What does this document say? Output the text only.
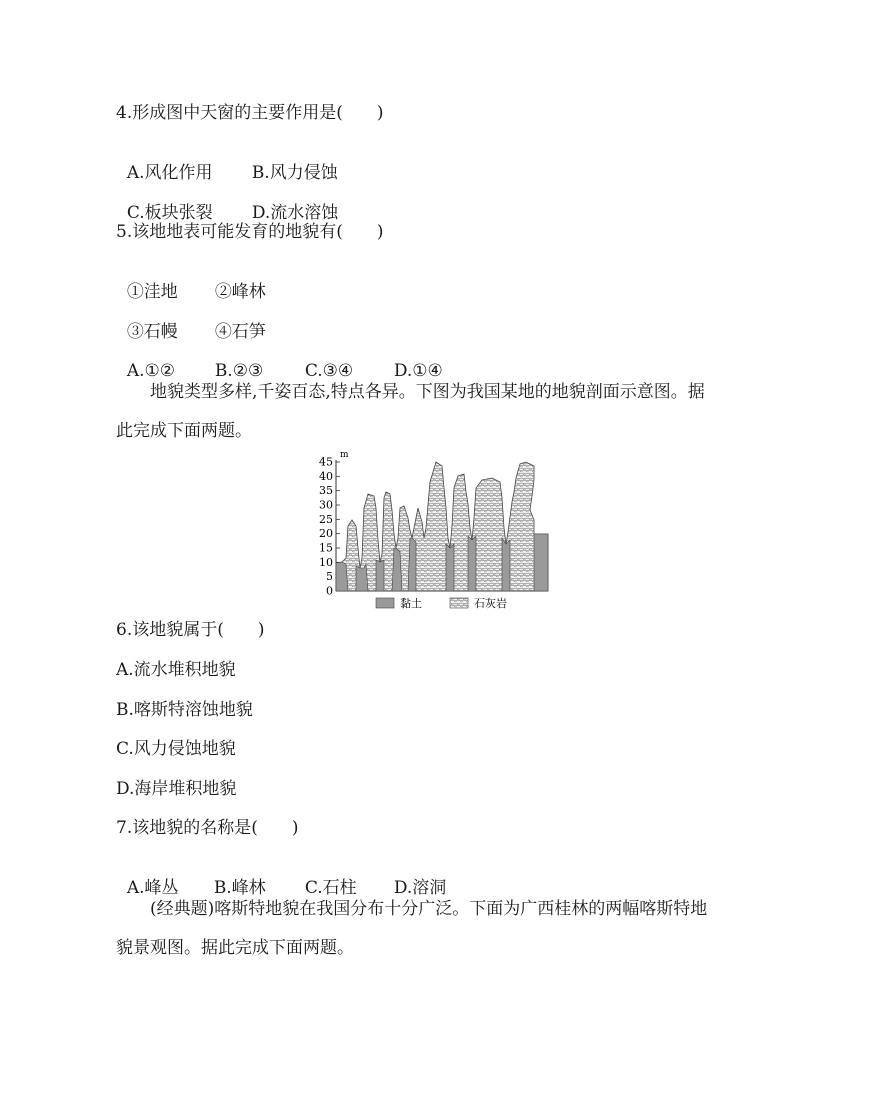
4.形成图中天窗的主要作用是(　　)

A.风化作用 B.风力侵蚀

C.板块张裂 D.流水溶蚀

5.该地地表可能发育的地貌有(　　)

①洼地 ②峰林

③石幔 ④石笋

A.①② B.②③ C.③④ D.①④

　　地貌类型多样,千姿百态,特点各异。下图为我国某地的地貌剖面示意图。据
此完成下面两题。
m
0
5
10
15
20
25
30
35
40
45
黏土	石灰岩
6.该地貌属于(　　)
A.流水堆积地貌
B.喀斯特溶蚀地貌
C.风力侵蚀地貌
D.海岸堆积地貌
7.该地貌的名称是(　　)

A.峰丛 B.峰林 C.石柱 D.溶洞

　　(经典题)喀斯特地貌在我国分布十分广泛。下面为广西桂林的两幅喀斯特地
貌景观图。据此完成下面两题。
